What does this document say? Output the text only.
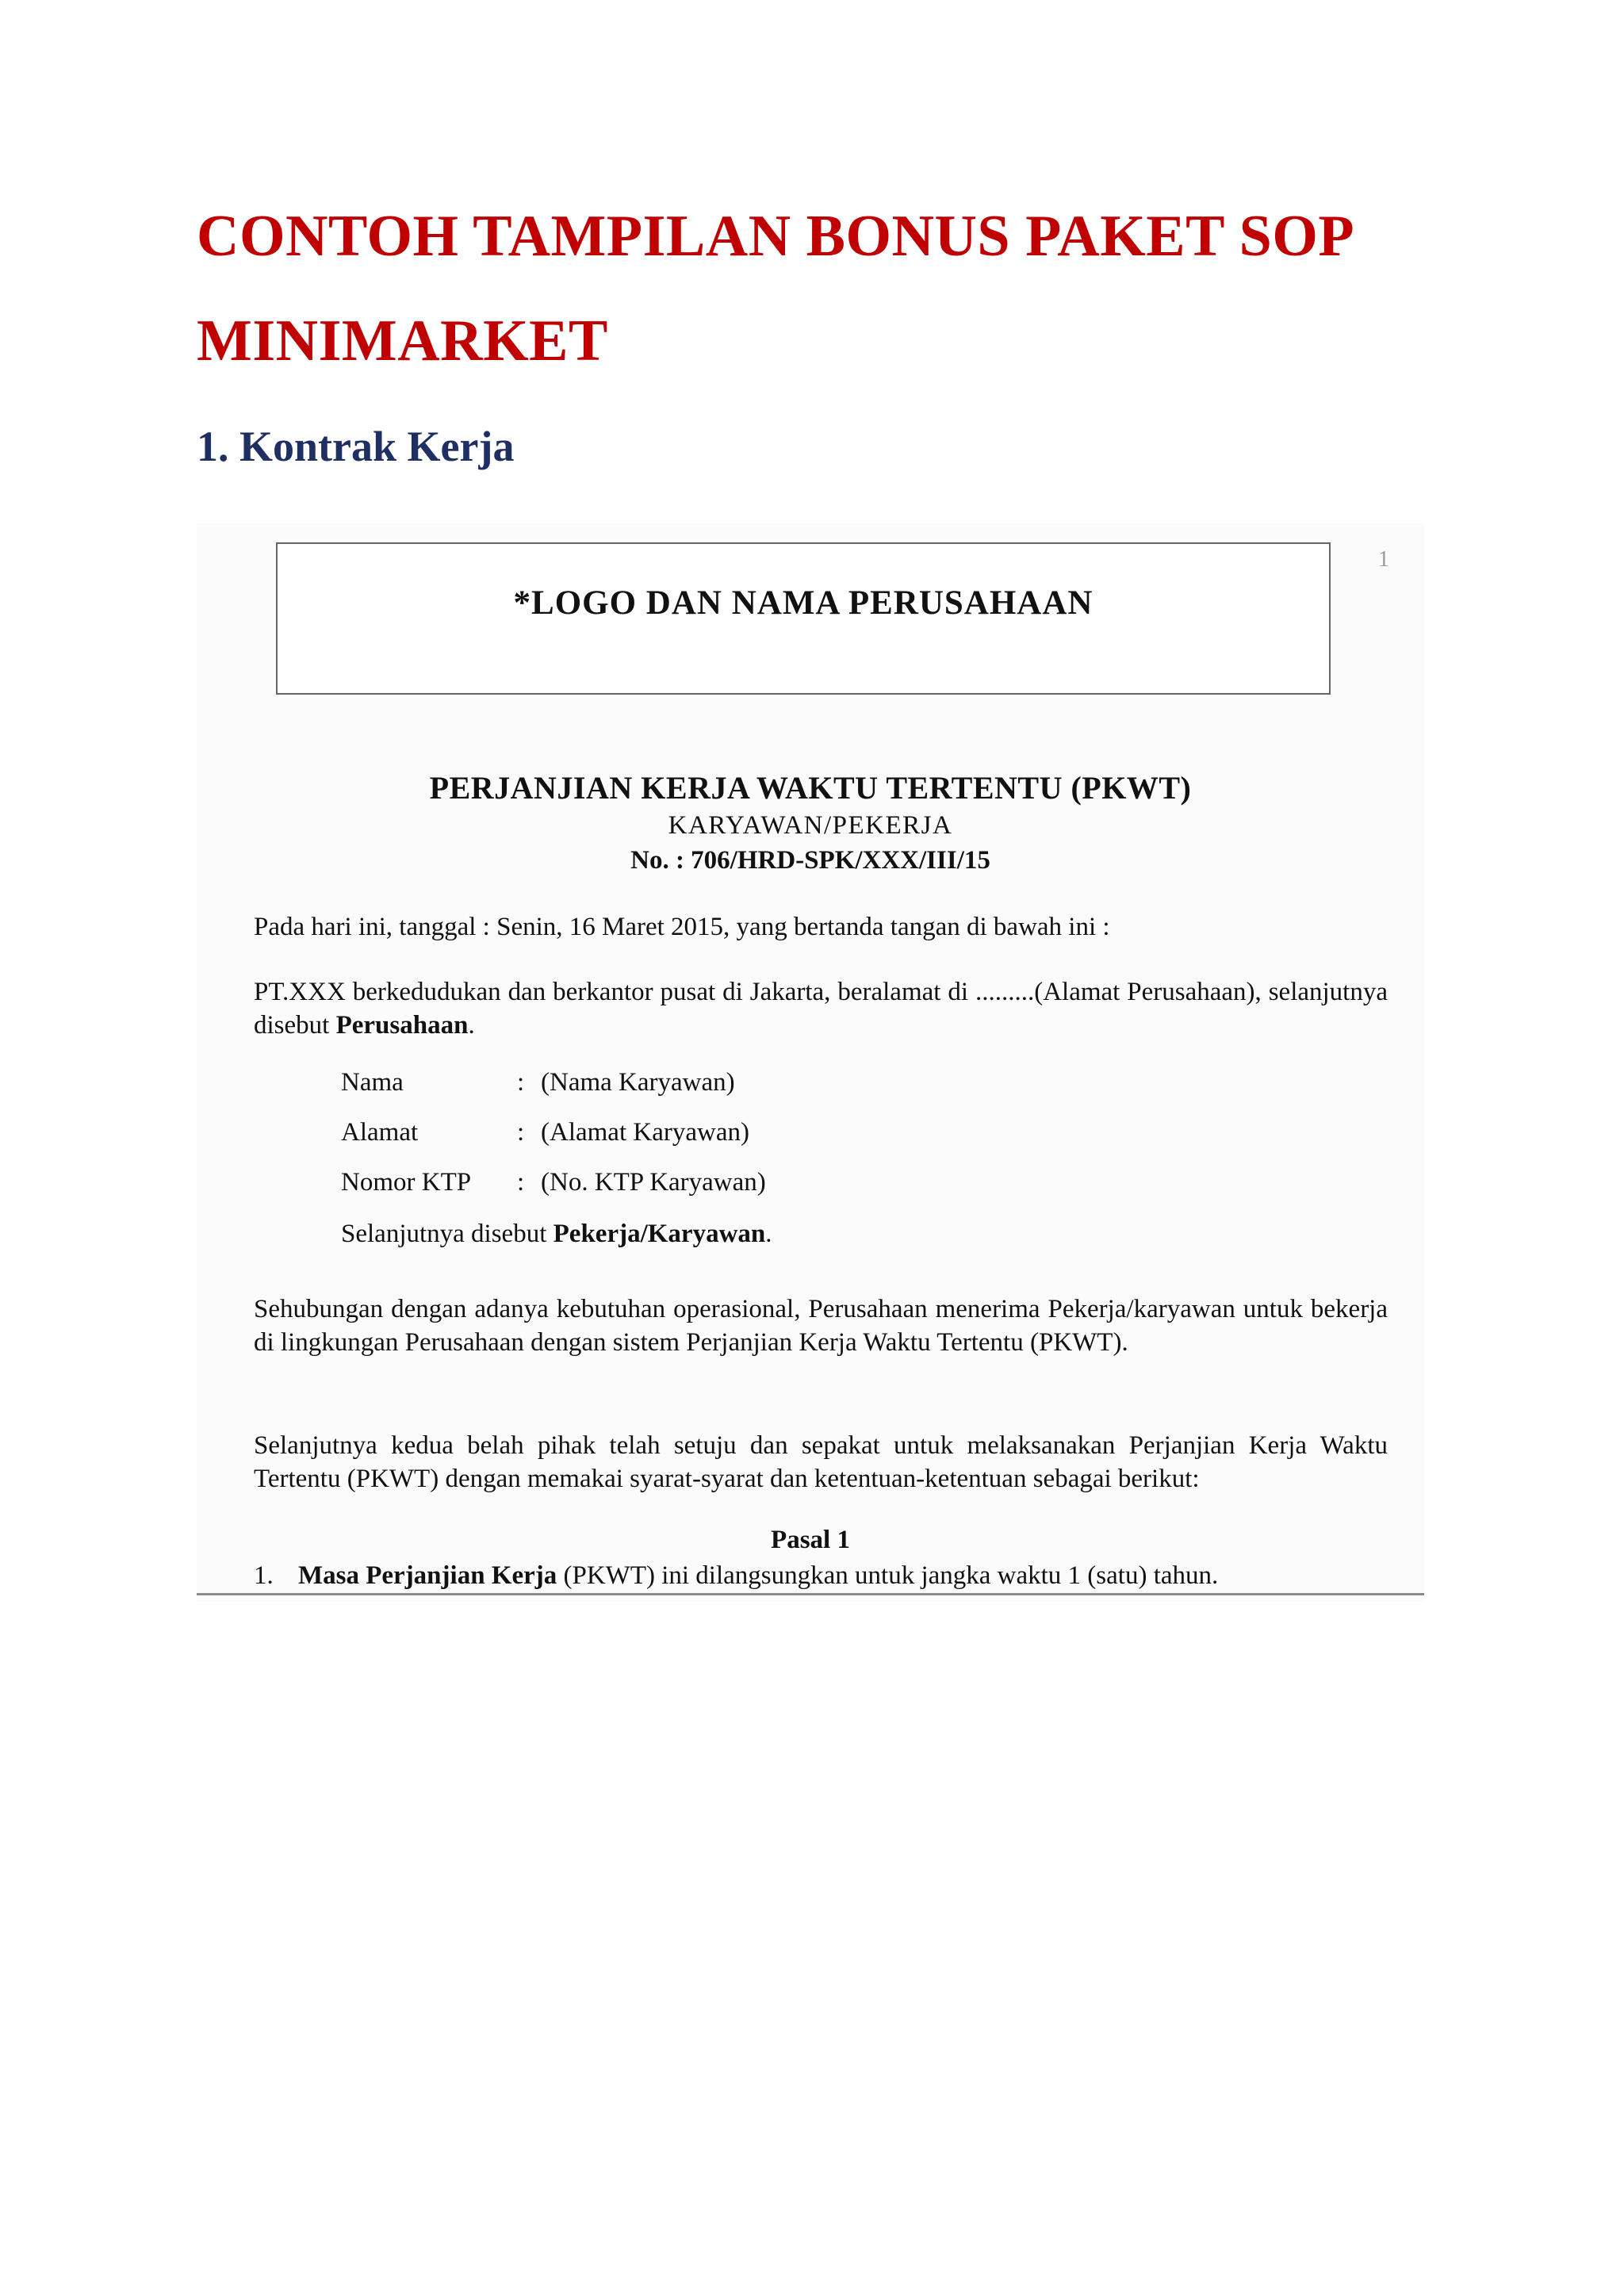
CONTOH TAMPILAN BONUS PAKET SOP MINIMARKET
1. Kontrak Kerja
*LOGO DAN NAMA PERUSAHAAN
1

PERJANJIAN KERJA WAKTU TERTENTU (PKWT)

KARYAWAN/PEKERJA

No. : 706/HRD-SPK/XXX/III/15

Pada hari ini, tanggal : Senin, 16 Maret 2015, yang bertanda tangan di bawah ini :

PT.XXX berkedudukan dan berkantor pusat di Jakarta, beralamat di .........(Alamat Perusahaan), selanjutnya disebut Perusahaan.

Nama	: (Nama Karyawan)
Alamat	: (Alamat Karyawan)
Nomor KTP	: (No. KTP Karyawan)
Selanjutnya disebut Pekerja/Karyawan.

Sehubungan dengan adanya kebutuhan operasional, Perusahaan menerima Pekerja/karyawan untuk bekerja di lingkungan Perusahaan dengan sistem Perjanjian Kerja Waktu Tertentu (PKWT).

Selanjutnya kedua belah pihak telah setuju dan sepakat untuk melaksanakan Perjanjian Kerja Waktu Tertentu (PKWT) dengan memakai syarat-syarat dan ketentuan-ketentuan sebagai berikut:

Pasal 1

1. Masa Perjanjian Kerja (PKWT) ini dilangsungkan untuk jangka waktu 1 (satu) tahun.
